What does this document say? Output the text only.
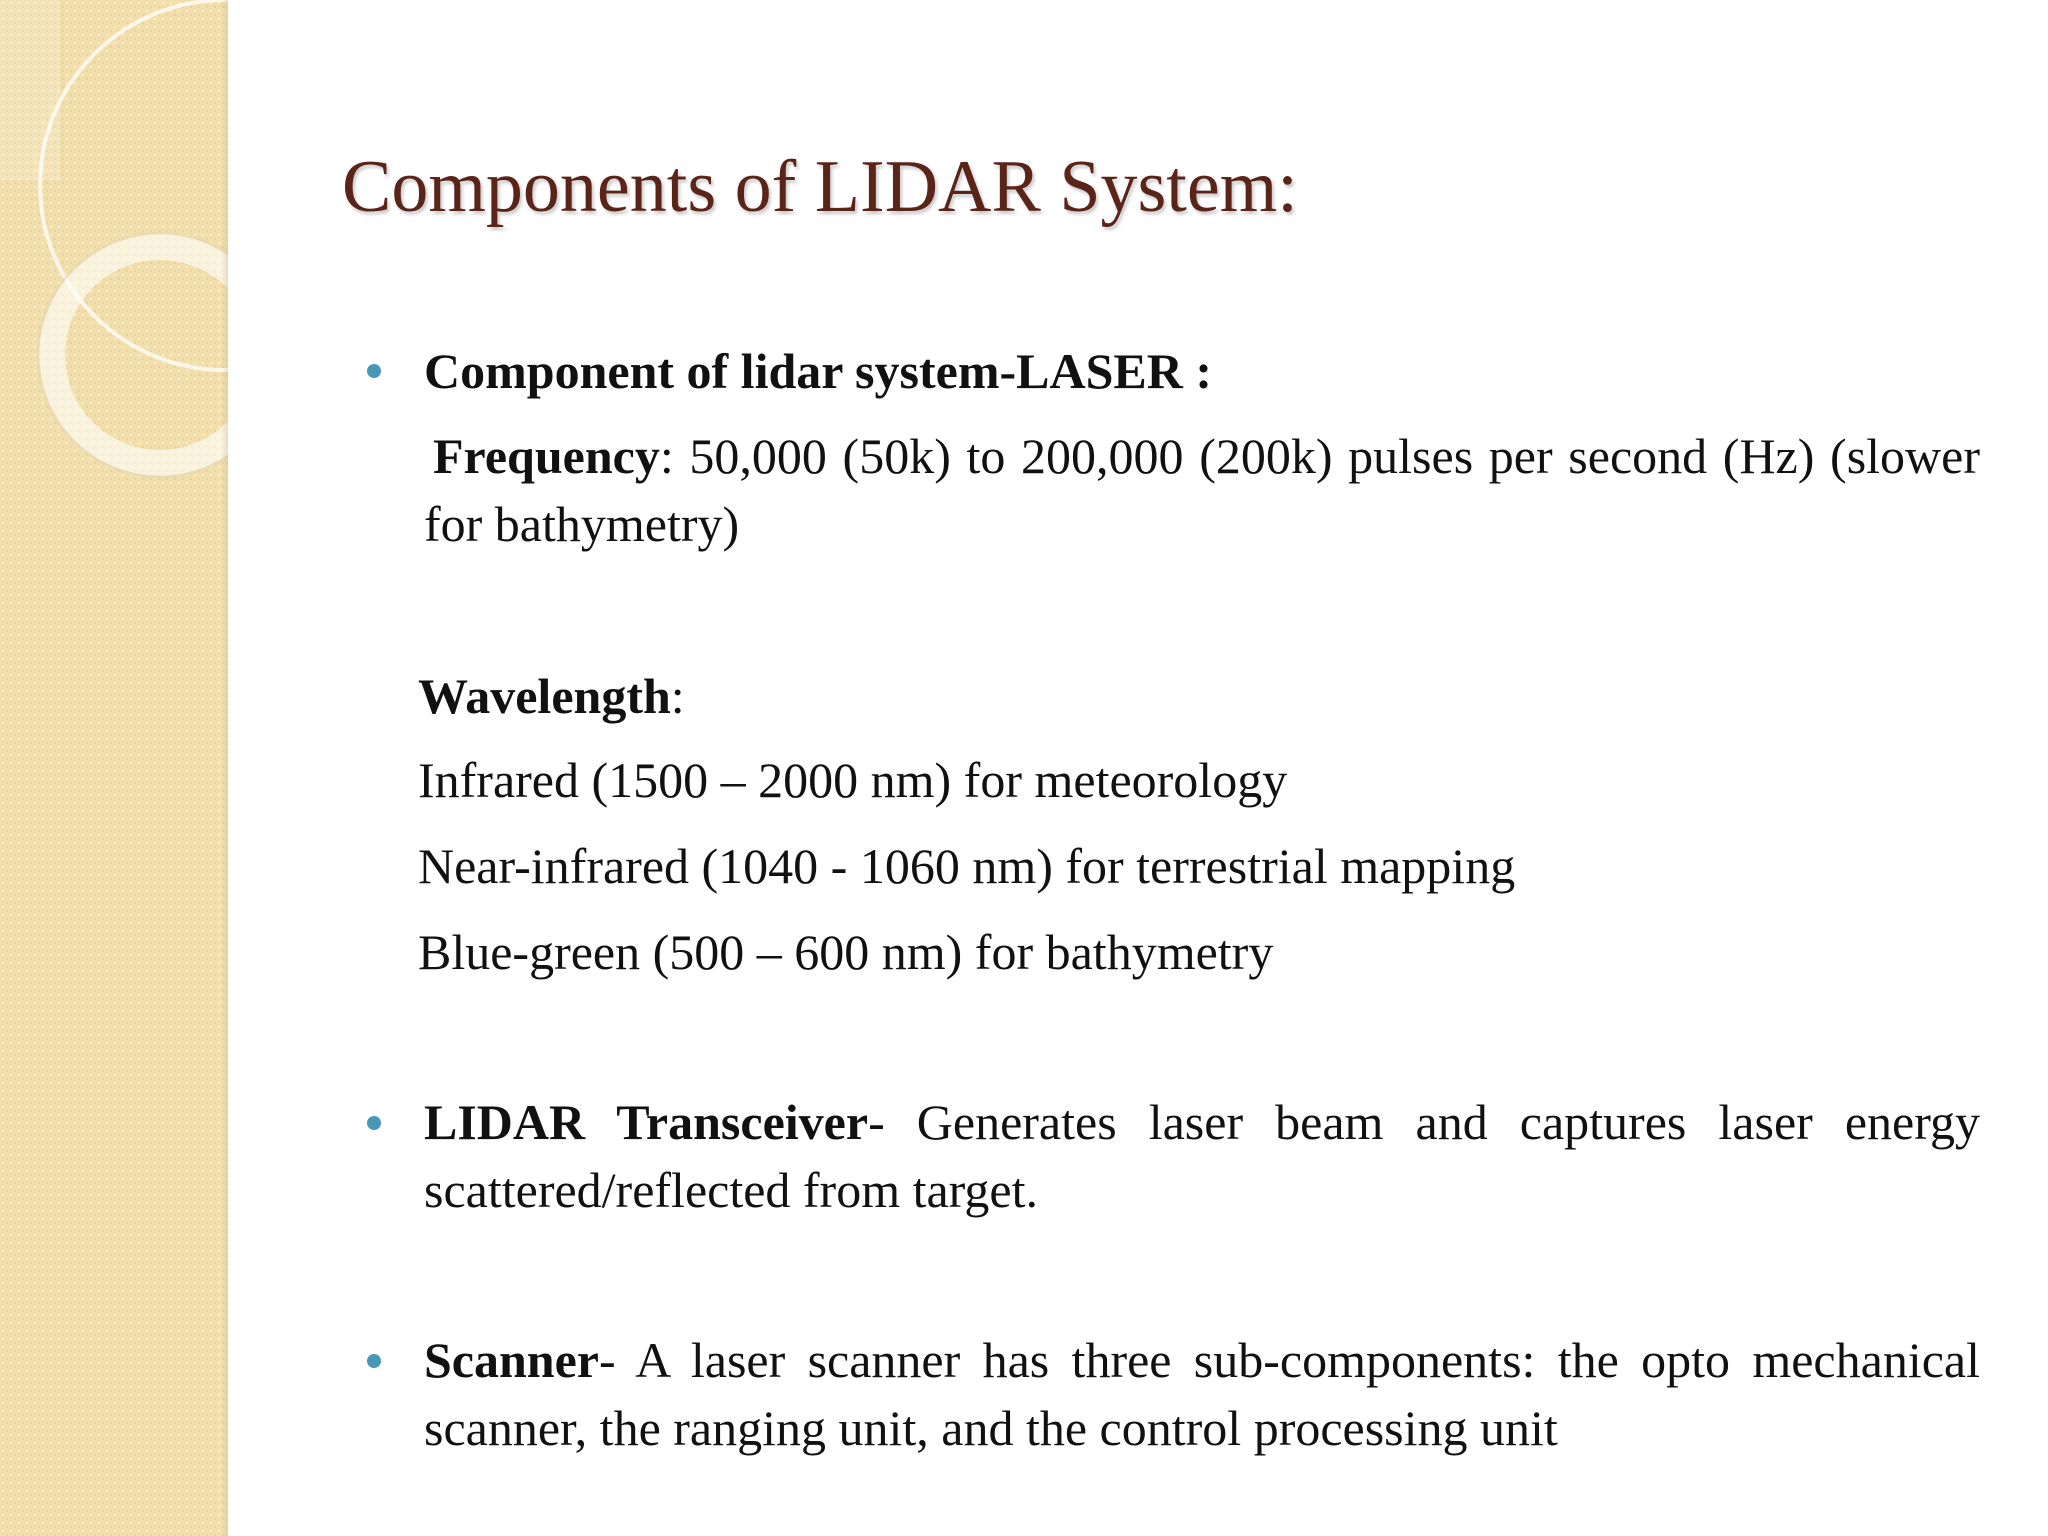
Components of LIDAR System:

Component of lidar system-LASER :

Frequency: 50,000 (50k) to 200,000 (200k) pulses per second (Hz) (slower for bathymetry)

Wavelength:

Infrared (1500 – 2000 nm) for meteorology

Near-infrared (1040 - 1060 nm) for terrestrial mapping

Blue-green (500 – 600 nm) for bathymetry

LIDAR Transceiver- Generates laser beam and captures laser energy scattered/reflected from target.

Scanner- A laser scanner has three sub-components: the opto mechanical scanner, the ranging unit, and the control processing unit
